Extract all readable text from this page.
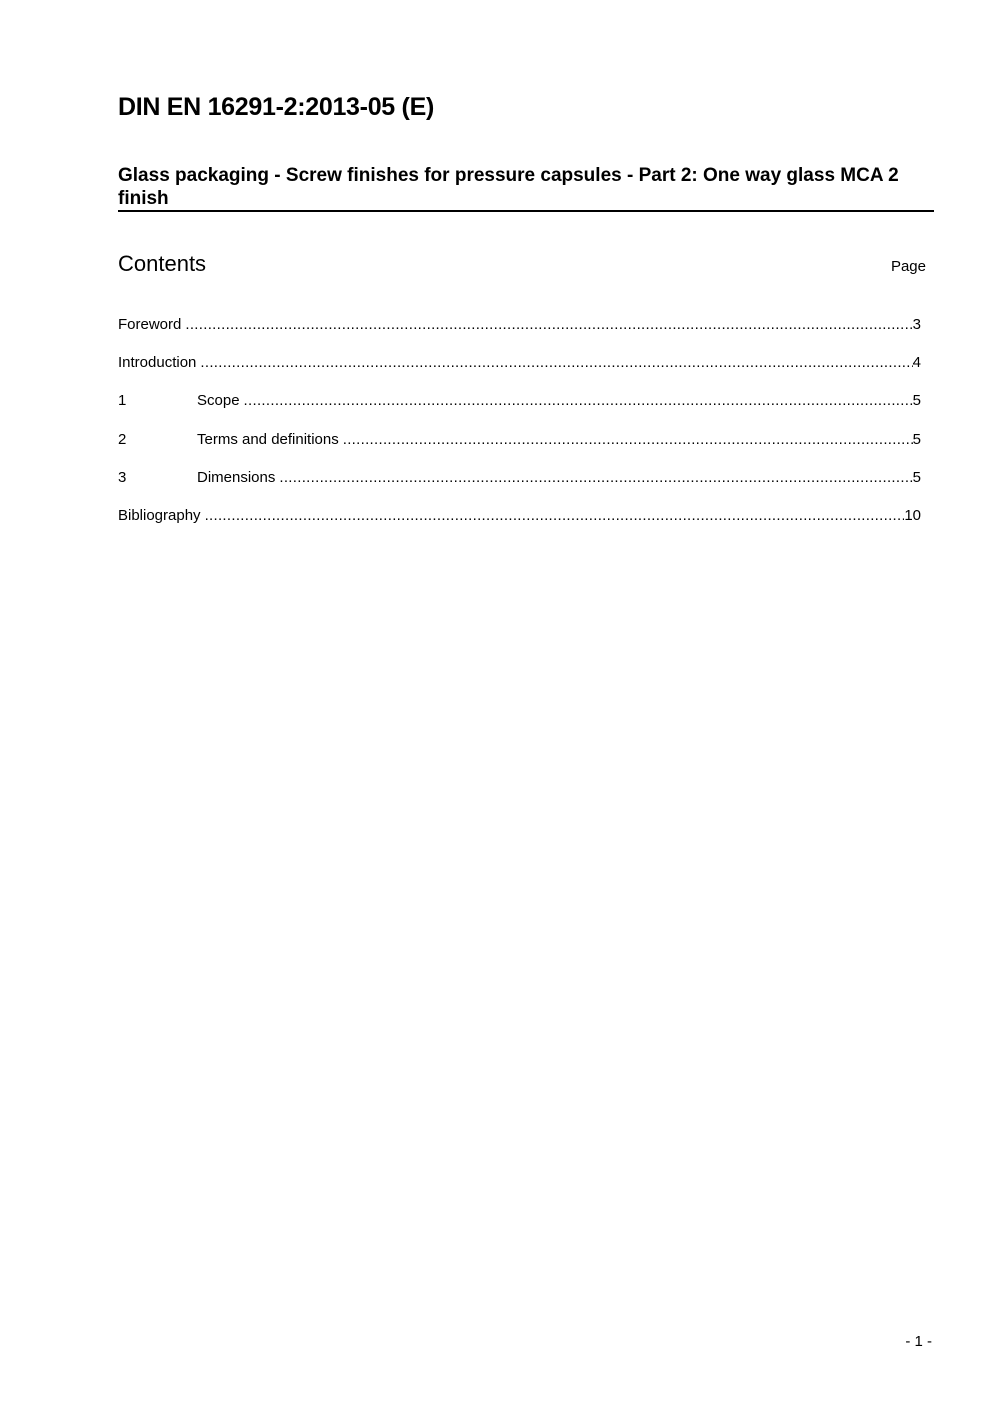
DIN EN 16291-2:2013-05 (E)
Glass packaging - Screw finishes for pressure capsules - Part 2: One way glass MCA 2 finish
Contents	Page
Foreword .....	3
Introduction .....	4
1	Scope .....	5
2	Terms and definitions .....	5
3	Dimensions .....	5
Bibliography .....	10
- 1 -
